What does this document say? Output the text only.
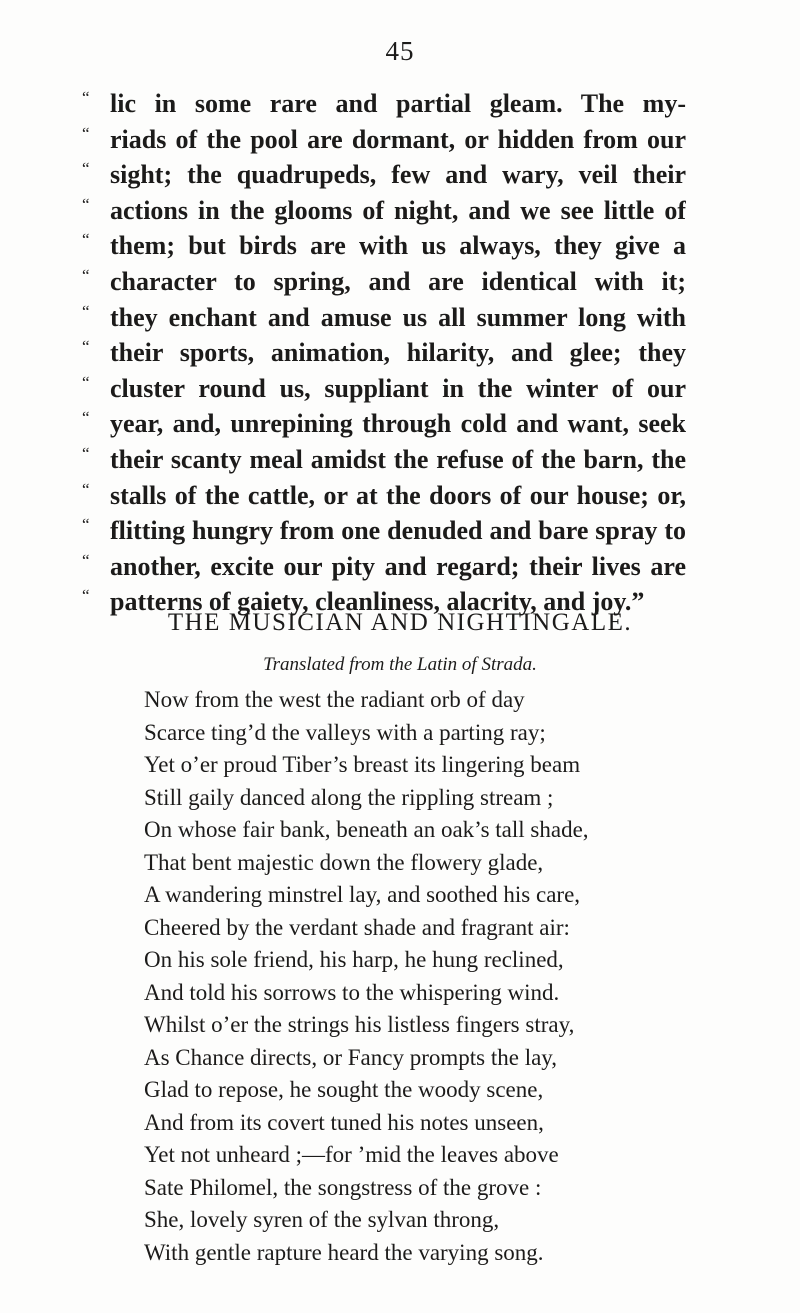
45
“ lic in some rare and partial gleam. The my-
“ riads of the pool are dormant, or hidden from our
“ sight; the quadrupeds, few and wary, veil their
“ actions in the glooms of night, and we see little of
“ them; but birds are with us always, they give a
“ character to spring, and are identical with it;
“ they enchant and amuse us all summer long with
“ their sports, animation, hilarity, and glee; they
“ cluster round us, suppliant in the winter of our
“ year, and, unrepining through cold and want, seek
“ their scanty meal amidst the refuse of the barn, the
“ stalls of the cattle, or at the doors of our house; or,
“ flitting hungry from one denuded and bare spray to
“ another, excite our pity and regard; their lives are
“ patterns of gaiety, cleanliness, alacrity, and joy.”
THE MUSICIAN AND NIGHTINGALE.
Translated from the Latin of Strada.
Now from the west the radiant orb of day
Scarce ting’d the valleys with a parting ray;
Yet o’er proud Tiber’s breast its lingering beam
Still gaily danced along the rippling stream ;
On whose fair bank, beneath an oak’s tall shade,
That bent majestic down the flowery glade,
A wandering minstrel lay, and soothed his care,
Cheered by the verdant shade and fragrant air:
On his sole friend, his harp, he hung reclined,
And told his sorrows to the whispering wind.
Whilst o’er the strings his listless fingers stray,
As Chance directs, or Fancy prompts the lay,
Glad to repose, he sought the woody scene,
And from its covert tuned his notes unseen,
Yet not unheard ;—for ’mid the leaves above
Sate Philomel, the songstress of the grove :
She, lovely syren of the sylvan throng,
With gentle rapture heard the varying song.
